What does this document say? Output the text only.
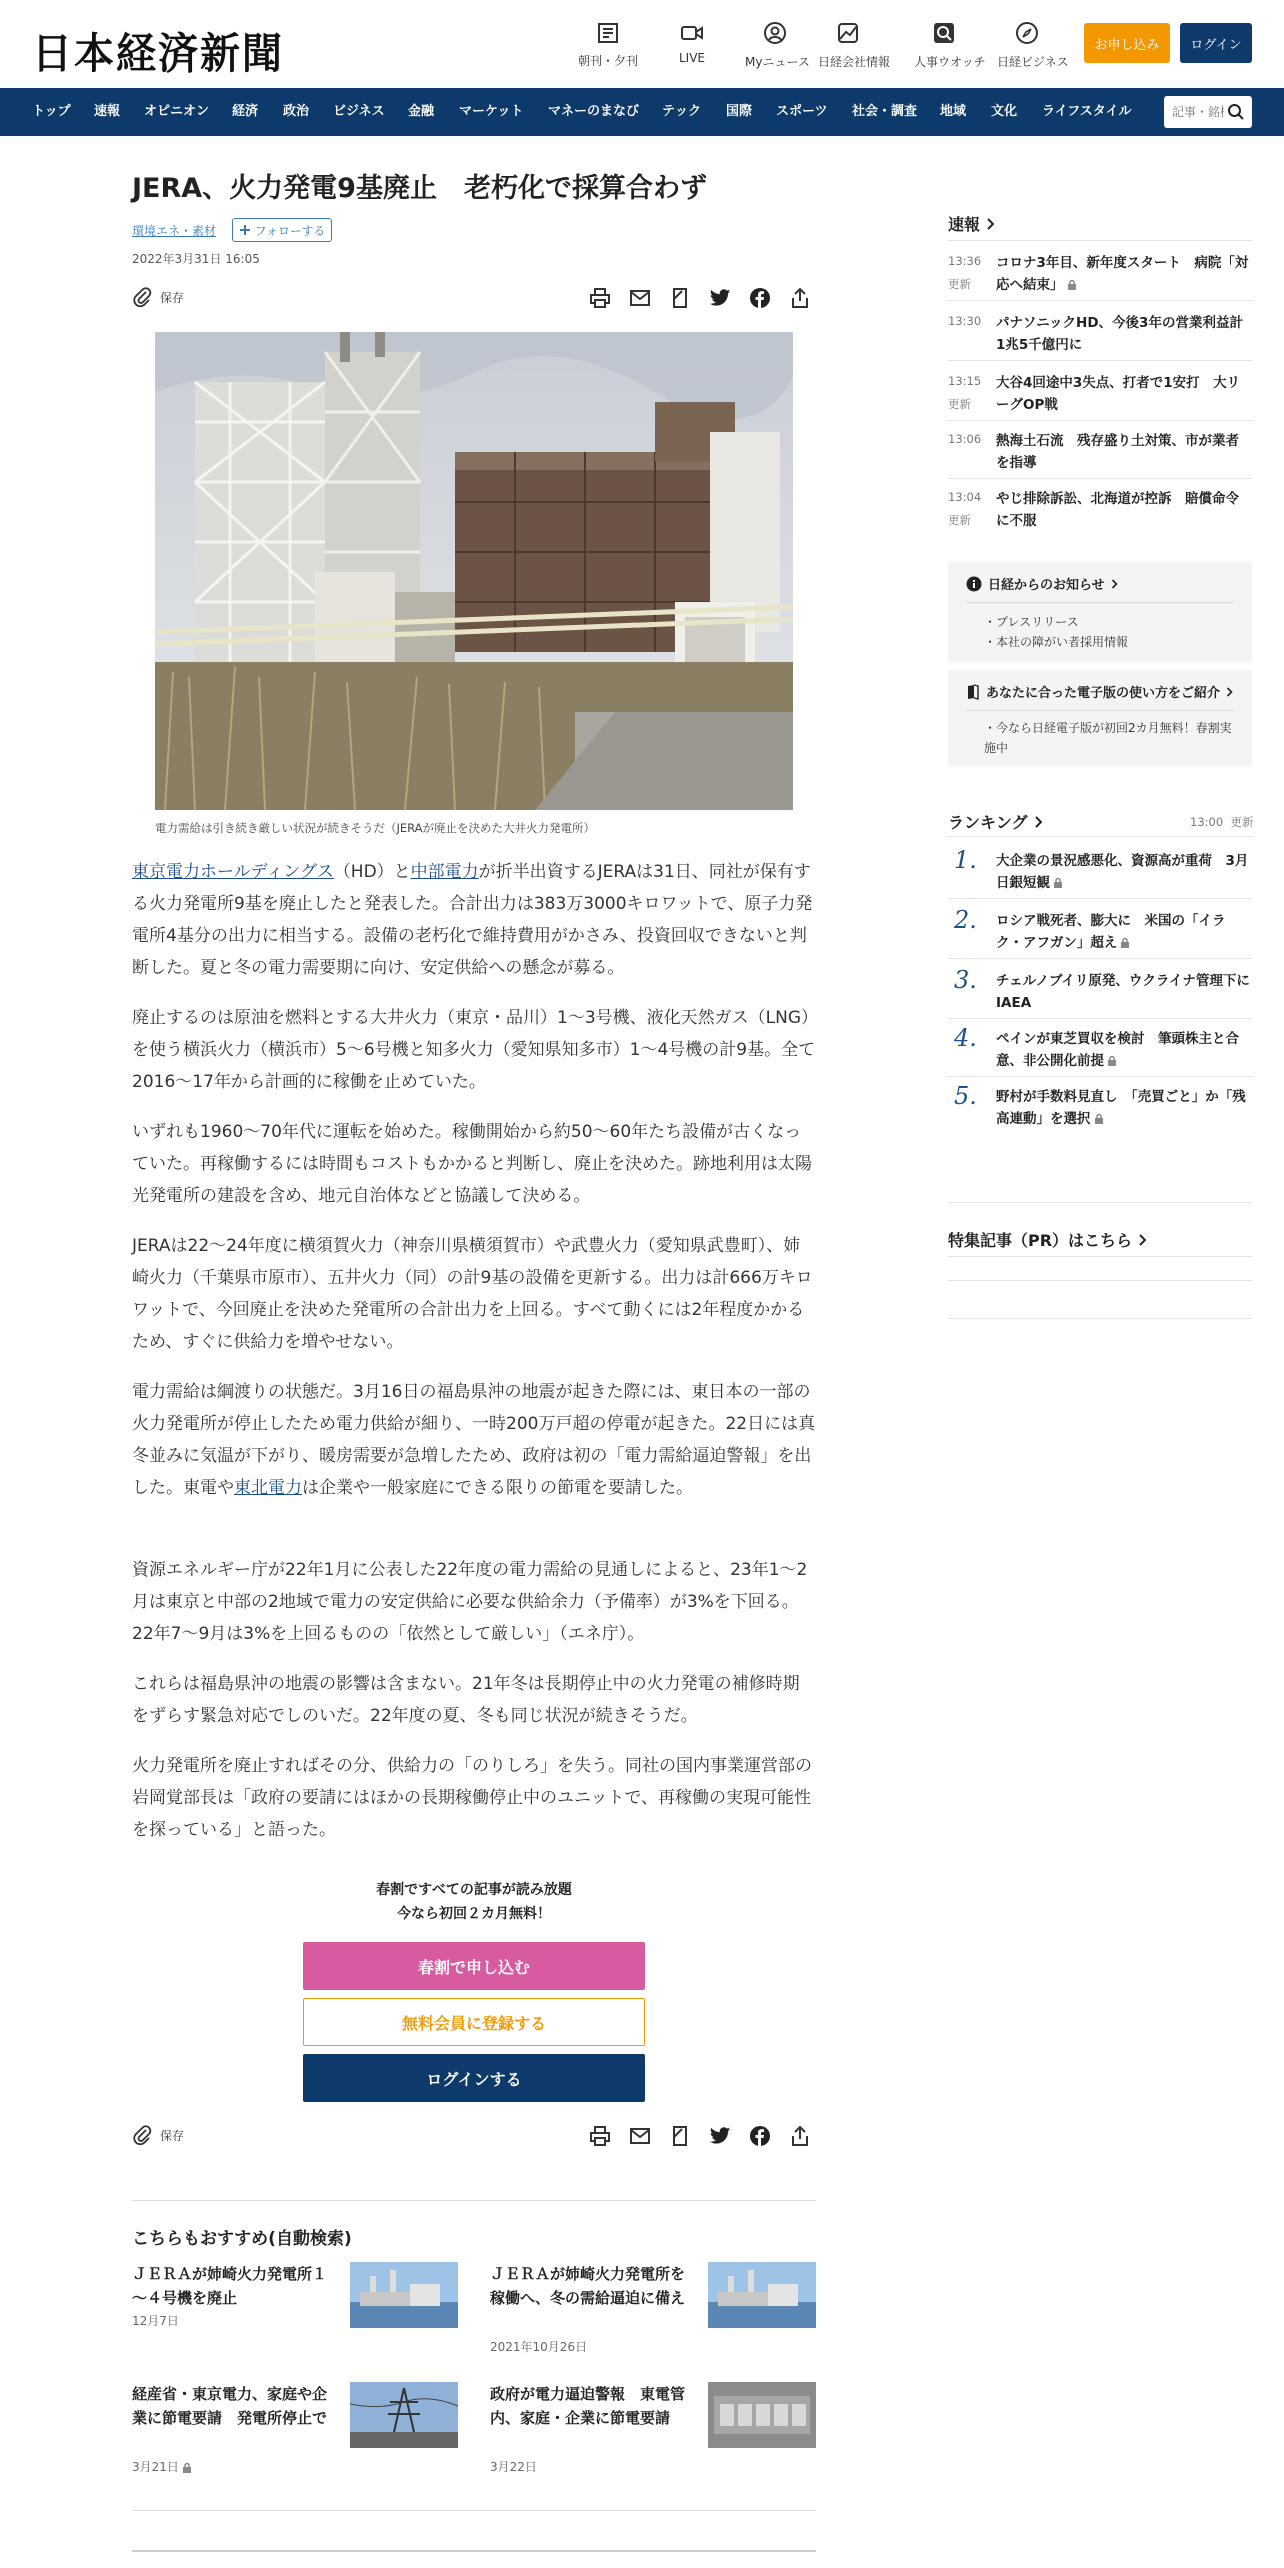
日本経済新聞	朝刊・夕刊	LIVE	Myニュース 日経会社情報 人事ウオッチ 日経ビジネス
お申し込み	ログイン
トップ 速報 オピニオン 経済 政治 ビジネス 金融 マーケット マネーのまなび テック 国際 スポーツ 社会・調査 地域 文化 ライフスタイル
記事・銘柄
JERA、火力発電9基廃止　老朽化で採算合わず
環境エネ・素材	フォローする
2022年3月31日 16:05
保存
電力需給は引き続き厳しい状況が続きそうだ（JERAが廃止を決めた大井火力発電所）

東京電力ホールディングス（HD）と中部電力が折半出資するJERAは31日、同社が保有する火力発電所9基を廃止したと発表した。合計出力は383万3000キロワットで、原子力発電所4基分の出力に相当する。設備の老朽化で維持費用がかさみ、投資回収できないと判断した。夏と冬の電力需要期に向け、安定供給への懸念が募る。

廃止するのは原油を燃料とする大井火力（東京・品川）1～3号機、液化天然ガス（LNG）を使う横浜火力（横浜市）5～6号機と知多火力（愛知県知多市）1～4号機の計9基。全て2016～17年から計画的に稼働を止めていた。

いずれも1960～70年代に運転を始めた。稼働開始から約50～60年たち設備が古くなっていた。再稼働するには時間もコストもかかると判断し、廃止を決めた。跡地利用は太陽光発電所の建設を含め、地元自治体などと協議して決める。

JERAは22～24年度に横須賀火力（神奈川県横須賀市）や武豊火力（愛知県武豊町）、姉崎火力（千葉県市原市）、五井火力（同）の計9基の設備を更新する。出力は計666万キロワットで、今回廃止を決めた発電所の合計出力を上回る。すべて動くには2年程度かかるため、すぐに供給力を増やせない。

電力需給は綱渡りの状態だ。3月16日の福島県沖の地震が起きた際には、東日本の一部の火力発電所が停止したため電力供給が細り、一時200万戸超の停電が起きた。22日には真冬並みに気温が下がり、暖房需要が急増したため、政府は初の「電力需給逼迫警報」を出した。東電や東北電力は企業や一般家庭にできる限りの節電を要請した。

資源エネルギー庁が22年1月に公表した22年度の電力需給の見通しによると、23年1～2月は東京と中部の2地域で電力の安定供給に必要な供給余力（予備率）が3%を下回る。22年7～9月は3%を上回るものの「依然として厳しい」（エネ庁）。

これらは福島県沖の地震の影響は含まない。21年冬は長期停止中の火力発電の補修時期をずらす緊急対応でしのいだ。22年度の夏、冬も同じ状況が続きそうだ。

火力発電所を廃止すればその分、供給力の「のりしろ」を失う。同社の国内事業運営部の岩岡覚部長は「政府の要請にはほかの長期稼働停止中のユニットで、再稼働の実現可能性を探っている」と語った。

春割ですべての記事が読み放題
今なら初回２カ月無料！
春割で申し込む
無料会員に登録する
ログインする
保存
こちらもおすすめ(自動検索)
ＪＥＲＡが姉崎火力発電所１～４号機を廃止
12月7日
ＪＥＲＡが姉崎火力発電所を稼働へ、冬の需給逼迫に備え
2021年10月26日
経産省・東京電力、家庭や企業に節電要請　発電所停止で
3月21日
政府が電力逼迫警報　東電管内、家庭・企業に節電要請
3月22日
速報
13:36
更新
コロナ3年目、新年度スタート　病院「対応へ結束」
13:30 パナソニックHD、今後3年の営業利益計1兆5千億円に
13:15
更新
大谷4回途中3失点、打者で1安打　大リーグOP戦
13:06 熱海土石流　残存盛り土対策、市が業者を指導
13:04
更新
やじ排除訴訟、北海道が控訴　賠償命令に不服
日経からのお知らせ
・プレスリリース
・本社の障がい者採用情報
あなたに合った電子版の使い方をご紹介
・今なら日経電子版が初回2カ月無料！春割実施中
ランキング	13:00 更新
1. 大企業の景況感悪化、資源高が重荷　3月日銀短観
2. ロシア戦死者、膨大に　米国の「イラク・アフガン」超え
3. チェルノブイリ原発、ウクライナ管理下にIAEA
4. ペインが東芝買収を検討　筆頭株主と合意、非公開化前提
5. 野村が手数料見直し　「売買ごと」か「残高連動」を選択
特集記事（PR）はこちら
